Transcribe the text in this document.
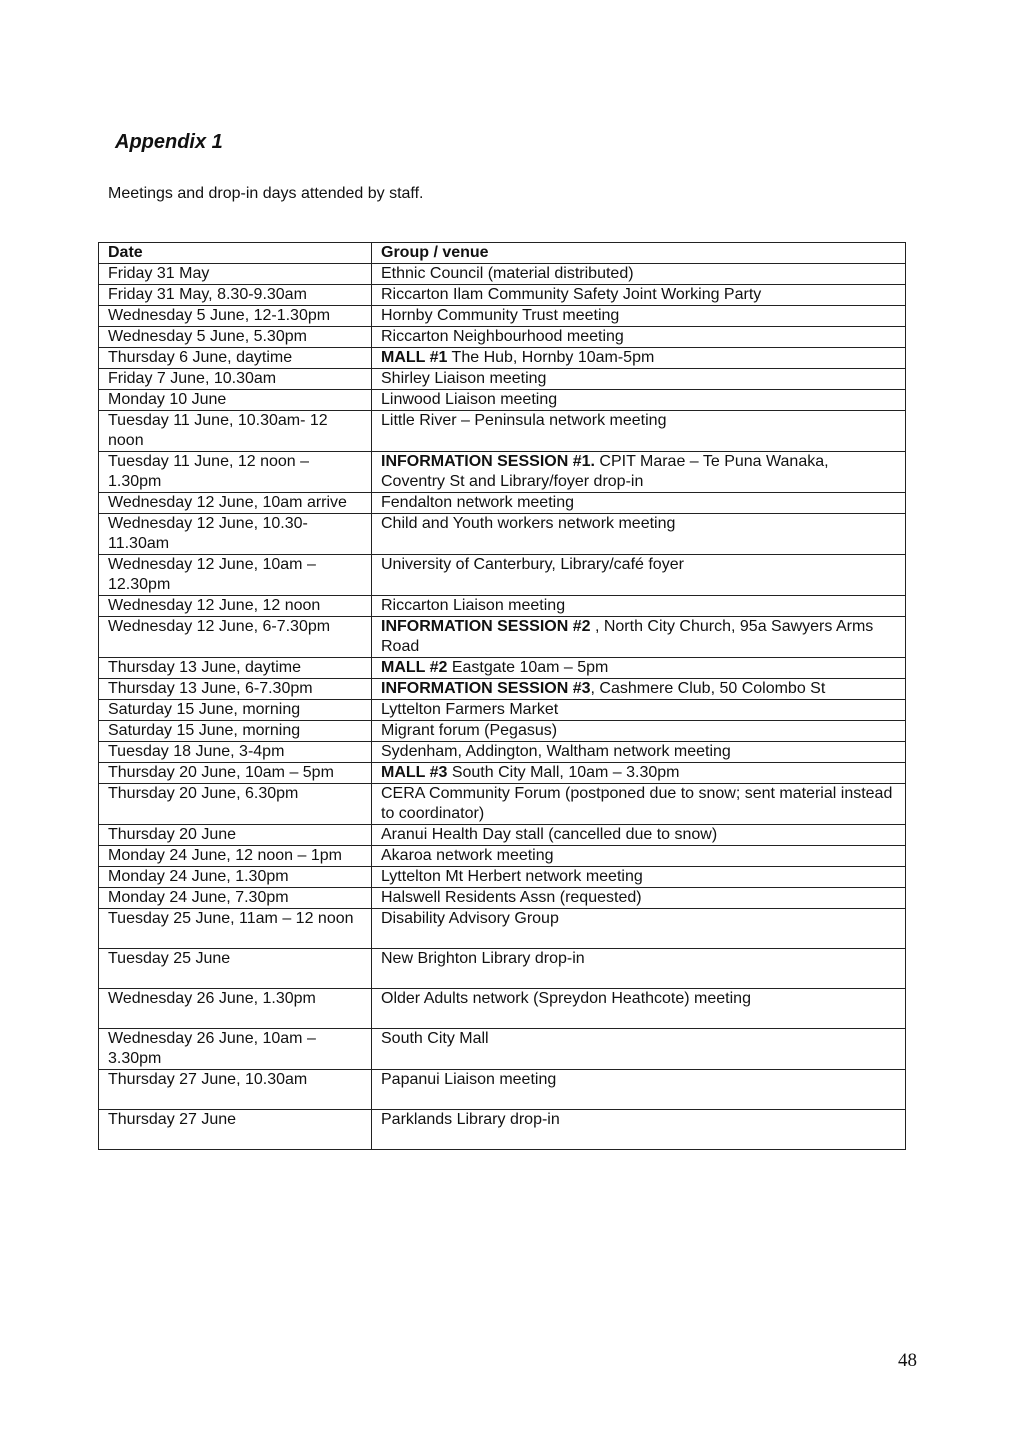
Appendix 1

Meetings and drop-in days attended by staff.

Date	Group / venue
Friday 31 May	Ethnic Council (material distributed)
Friday 31 May, 8.30-9.30am	Riccarton Ilam Community Safety Joint Working Party
Wednesday 5 June, 12-1.30pm	Hornby Community Trust meeting
Wednesday 5 June, 5.30pm	Riccarton Neighbourhood meeting
Thursday 6 June, daytime	MALL #1 The Hub, Hornby 10am-5pm
Friday 7 June, 10.30am	Shirley Liaison meeting
Monday 10 June	Linwood Liaison meeting
Tuesday 11 June, 10.30am- 12 noon	Little River – Peninsula network meeting
Tuesday 11 June, 12 noon – 1.30pm	INFORMATION SESSION #1. CPIT Marae – Te Puna Wanaka, Coventry St and Library/foyer drop-in
Wednesday 12 June, 10am arrive	Fendalton network meeting
Wednesday 12 June, 10.30-11.30am	Child and Youth workers network meeting
Wednesday 12 June, 10am – 12.30pm	University of Canterbury, Library/café foyer
Wednesday 12 June, 12 noon	Riccarton Liaison meeting
Wednesday 12 June, 6-7.30pm	INFORMATION SESSION #2 , North City Church, 95a Sawyers Arms Road
Thursday 13 June, daytime	MALL #2 Eastgate 10am – 5pm
Thursday 13 June, 6-7.30pm	INFORMATION SESSION #3, Cashmere Club, 50 Colombo St
Saturday 15 June, morning	Lyttelton Farmers Market
Saturday 15 June, morning	Migrant forum (Pegasus)
Tuesday 18 June, 3-4pm	Sydenham, Addington, Waltham network meeting
Thursday 20 June, 10am – 5pm	MALL #3 South City Mall, 10am – 3.30pm
Thursday 20 June, 6.30pm	CERA Community Forum (postponed due to snow; sent material instead to coordinator)
Thursday 20 June	Aranui Health Day stall (cancelled due to snow)
Monday 24 June, 12 noon – 1pm	Akaroa network meeting
Monday 24 June, 1.30pm	Lyttelton Mt Herbert network meeting
Monday 24 June, 7.30pm	Halswell Residents Assn (requested)
Tuesday 25 June, 11am – 12 noon	Disability Advisory Group
Tuesday 25 June	New Brighton Library drop-in
Wednesday 26 June, 1.30pm	Older Adults network (Spreydon Heathcote) meeting
Wednesday 26 June, 10am – 3.30pm	South City Mall
Thursday 27 June, 10.30am	Papanui Liaison meeting
Thursday 27 June	Parklands Library drop-in
48
